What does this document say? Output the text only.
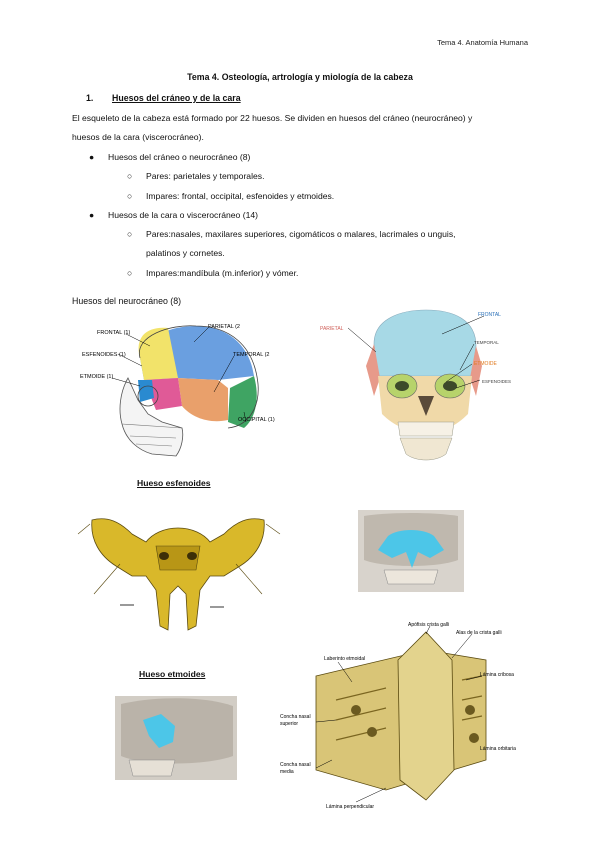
Tema 4. Anatomía Humana
Tema 4. Osteología, artrología y miología de la cabeza
1. Huesos del cráneo y de la cara
El esqueleto de la cabeza está formado por 22 huesos. Se dividen en huesos del cráneo (neurocráneo) y
huesos de la cara (viscerocráneo).
● Huesos del cráneo o neurocráneo (8)
○ Pares: parietales y temporales.
○ Impares: frontal, occipital, esfenoides y etmoides.
● Huesos de la cara o viscerocráneo (14)
○ Pares:nasales, maxilares superiores, cigomáticos o malares, lacrimales o unguis,
palatinos y cornetes.
○ Impares:mandíbula (m.inferior) y vómer.
Huesos del neurocráneo (8)
FRONTAL (1)
PARIETAL (2
ESFENOIDES (1)	TEMPORAL (2
ETMOIDE (1)
OCCIPITAL (1)
FRONTAL
PARIETAL
TEMPORAL
ETMOIDE
ESFENOIDES
Hueso esfenoides
Hueso etmoides
Apófisis crista galli
Alas de la crista galli
Laberinto etmoidal
Lámina cribosa
Concha nasal
superior
Lámina orbitaria
Concha nasal
media
Lámina perpendicular
